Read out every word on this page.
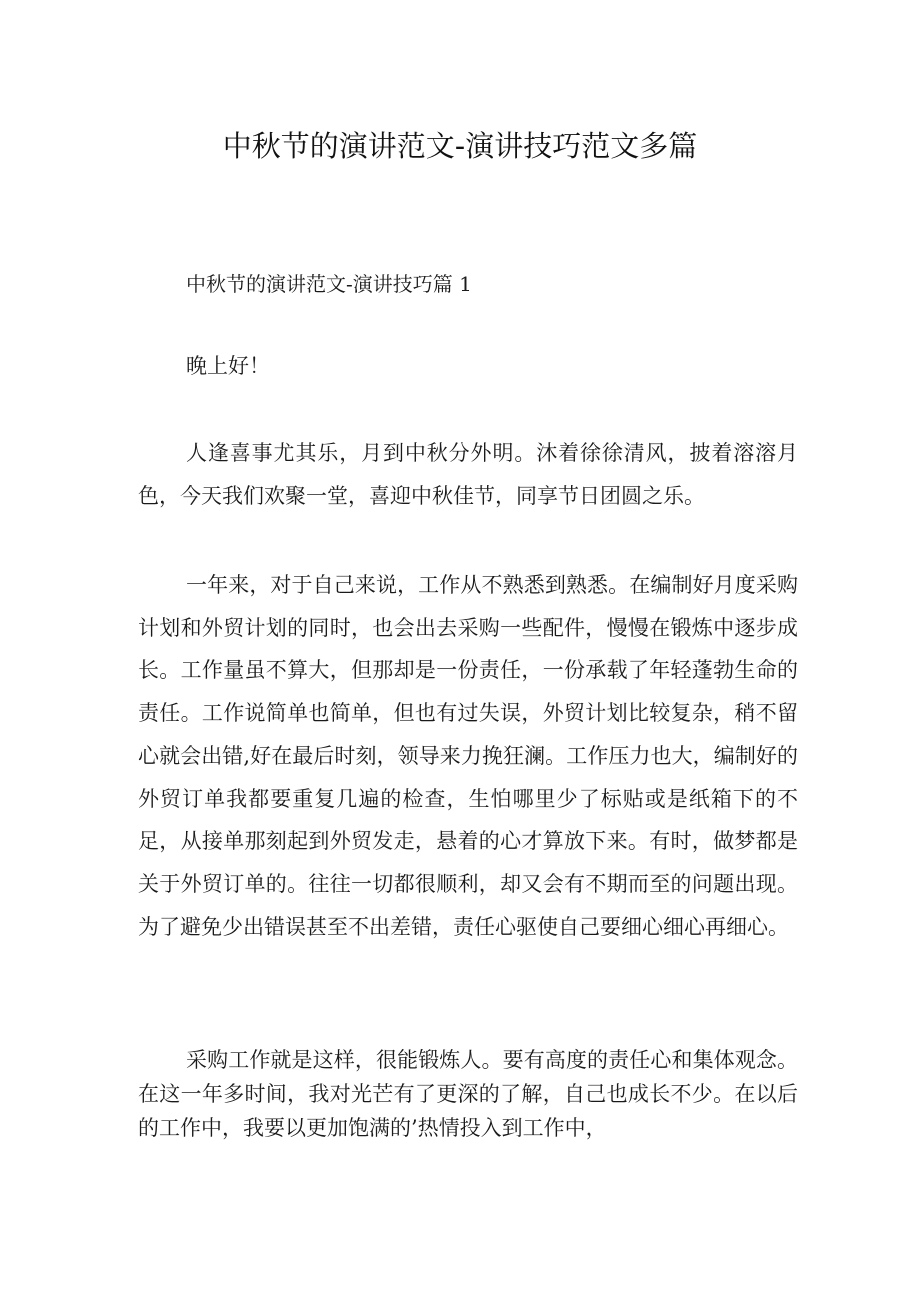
中秋节的演讲范文-演讲技巧范文多篇
中秋节的演讲范文-演讲技巧篇 1

晚上好！

人逢喜事尤其乐，月到中秋分外明。沐着徐徐清风，披着溶溶月色，今天我们欢聚一堂，喜迎中秋佳节，同享节日团圆之乐。

一年来，对于自己来说，工作从不熟悉到熟悉。在编制好月度采购计划和外贸计划的同时，也会出去采购一些配件，慢慢在锻炼中逐步成长。工作量虽不算大，但那却是一份责任，一份承载了年轻蓬勃生命的责任。工作说简单也简单，但也有过失误，外贸计划比较复杂，稍不留心就会出错,好在最后时刻，领导来力挽狂澜。工作压力也大，编制好的外贸订单我都要重复几遍的检查，生怕哪里少了标贴或是纸箱下的不足，从接单那刻起到外贸发走，悬着的心才算放下来。有时，做梦都是关于外贸订单的。往往一切都很顺利，却又会有不期而至的问题出现。为了避免少出错误甚至不出差错，责任心驱使自己要细心细心再细心。

采购工作就是这样，很能锻炼人。要有高度的责任心和集体观念。在这一年多时间，我对光芒有了更深的了解，自己也成长不少。在以后的工作中，我要以更加饱满的’热情投入到工作中，
